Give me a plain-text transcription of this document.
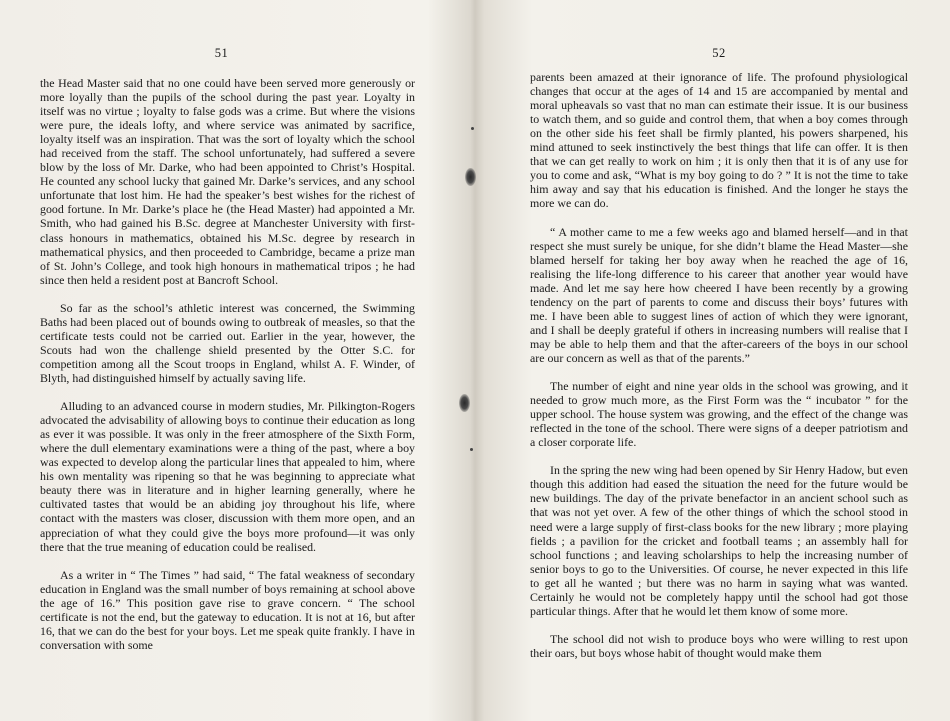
51

the Head Master said that no one could have been served more generously or more loyally than the pupils of the school during the past year. Loyalty in itself was no virtue ; loyalty to false gods was a crime. But where the visions were pure, the ideals lofty, and where service was animated by sacrifice, loyalty itself was an inspiration. That was the sort of loyalty which the school had received from the staff. The school unfortunately, had suffered a severe blow by the loss of Mr. Darke, who had been appointed to Christ’s Hospital. He counted any school lucky that gained Mr. Darke’s services, and any school unfortunate that lost him. He had the speaker’s best wishes for the richest of good fortune. In Mr. Darke’s place he (the Head Master) had appointed a Mr. Smith, who had gained his B.Sc. degree at Manchester University with first-class honours in mathematics, obtained his M.Sc. degree by research in mathematical physics, and then proceeded to Cambridge, became a prize man of St. John’s College, and took high honours in mathematical tripos ; he had since then held a resident post at Bancroft School.

So far as the school’s athletic interest was concerned, the Swimming Baths had been placed out of bounds owing to outbreak of measles, so that the certificate tests could not be carried out. Earlier in the year, however, the Scouts had won the challenge shield presented by the Otter S.C. for competition among all the Scout troops in England, whilst A. F. Winder, of Blyth, had distinguished himself by actually saving life.

Alluding to an advanced course in modern studies, Mr. Pilkington-Rogers advocated the advisability of allowing boys to continue their education as long as ever it was possible. It was only in the freer atmosphere of the Sixth Form, where the dull elementary examinations were a thing of the past, where a boy was expected to develop along the particular lines that appealed to him, where his own mentality was ripening so that he was beginning to appreciate what beauty there was in literature and in higher learning generally, where he cultivated tastes that would be an abiding joy throughout his life, where contact with the masters was closer, discussion with them more open, and an appreciation of what they could give the boys more profound—it was only there that the true meaning of education could be realised.

As a writer in “ The Times ” had said, “ The fatal weakness of secondary education in England was the small number of boys remaining at school above the age of 16.” This position gave rise to grave concern. “ The school certificate is not the end, but the gateway to education. It is not at 16, but after 16, that we can do the best for your boys. Let me speak quite frankly. I have in conversation with some

52

parents been amazed at their ignorance of life. The profound physiological changes that occur at the ages of 14 and 15 are accompanied by mental and moral upheavals so vast that no man can estimate their issue. It is our business to watch them, and so guide and control them, that when a boy comes through on the other side his feet shall be firmly planted, his powers sharpened, his mind attuned to seek instinctively the best things that life can offer. It is then that we can get really to work on him ; it is only then that it is of any use for you to come and ask, “What is my boy going to do ? ” It is not the time to take him away and say that his education is finished. And the longer he stays the more we can do.

“ A mother came to me a few weeks ago and blamed herself—and in that respect she must surely be unique, for she didn’t blame the Head Master—she blamed herself for taking her boy away when he reached the age of 16, realising the life-long difference to his career that another year would have made. And let me say here how cheered I have been recently by a growing tendency on the part of parents to come and discuss their boys’ futures with me. I have been able to suggest lines of action of which they were ignorant, and I shall be deeply grateful if others in increasing numbers will realise that I may be able to help them and that the after-careers of the boys in our school are our concern as well as that of the parents.”

The number of eight and nine year olds in the school was growing, and it needed to grow much more, as the First Form was the “ incubator ” for the upper school. The house system was growing, and the effect of the change was reflected in the tone of the school. There were signs of a deeper patriotism and a closer corporate life.

In the spring the new wing had been opened by Sir Henry Hadow, but even though this addition had eased the situation the need for the future would be new buildings. The day of the private benefactor in an ancient school such as that was not yet over. A few of the other things of which the school stood in need were a large supply of first-class books for the new library ; more playing fields ; a pavilion for the cricket and football teams ; an assembly hall for school functions ; and leaving scholarships to help the increasing number of senior boys to go to the Universities. Of course, he never expected in this life to get all he wanted ; but there was no harm in saying what was wanted. Certainly he would not be completely happy until the school had got those particular things. After that he would let them know of some more.

The school did not wish to produce boys who were willing to rest upon their oars, but boys whose habit of thought would make them
